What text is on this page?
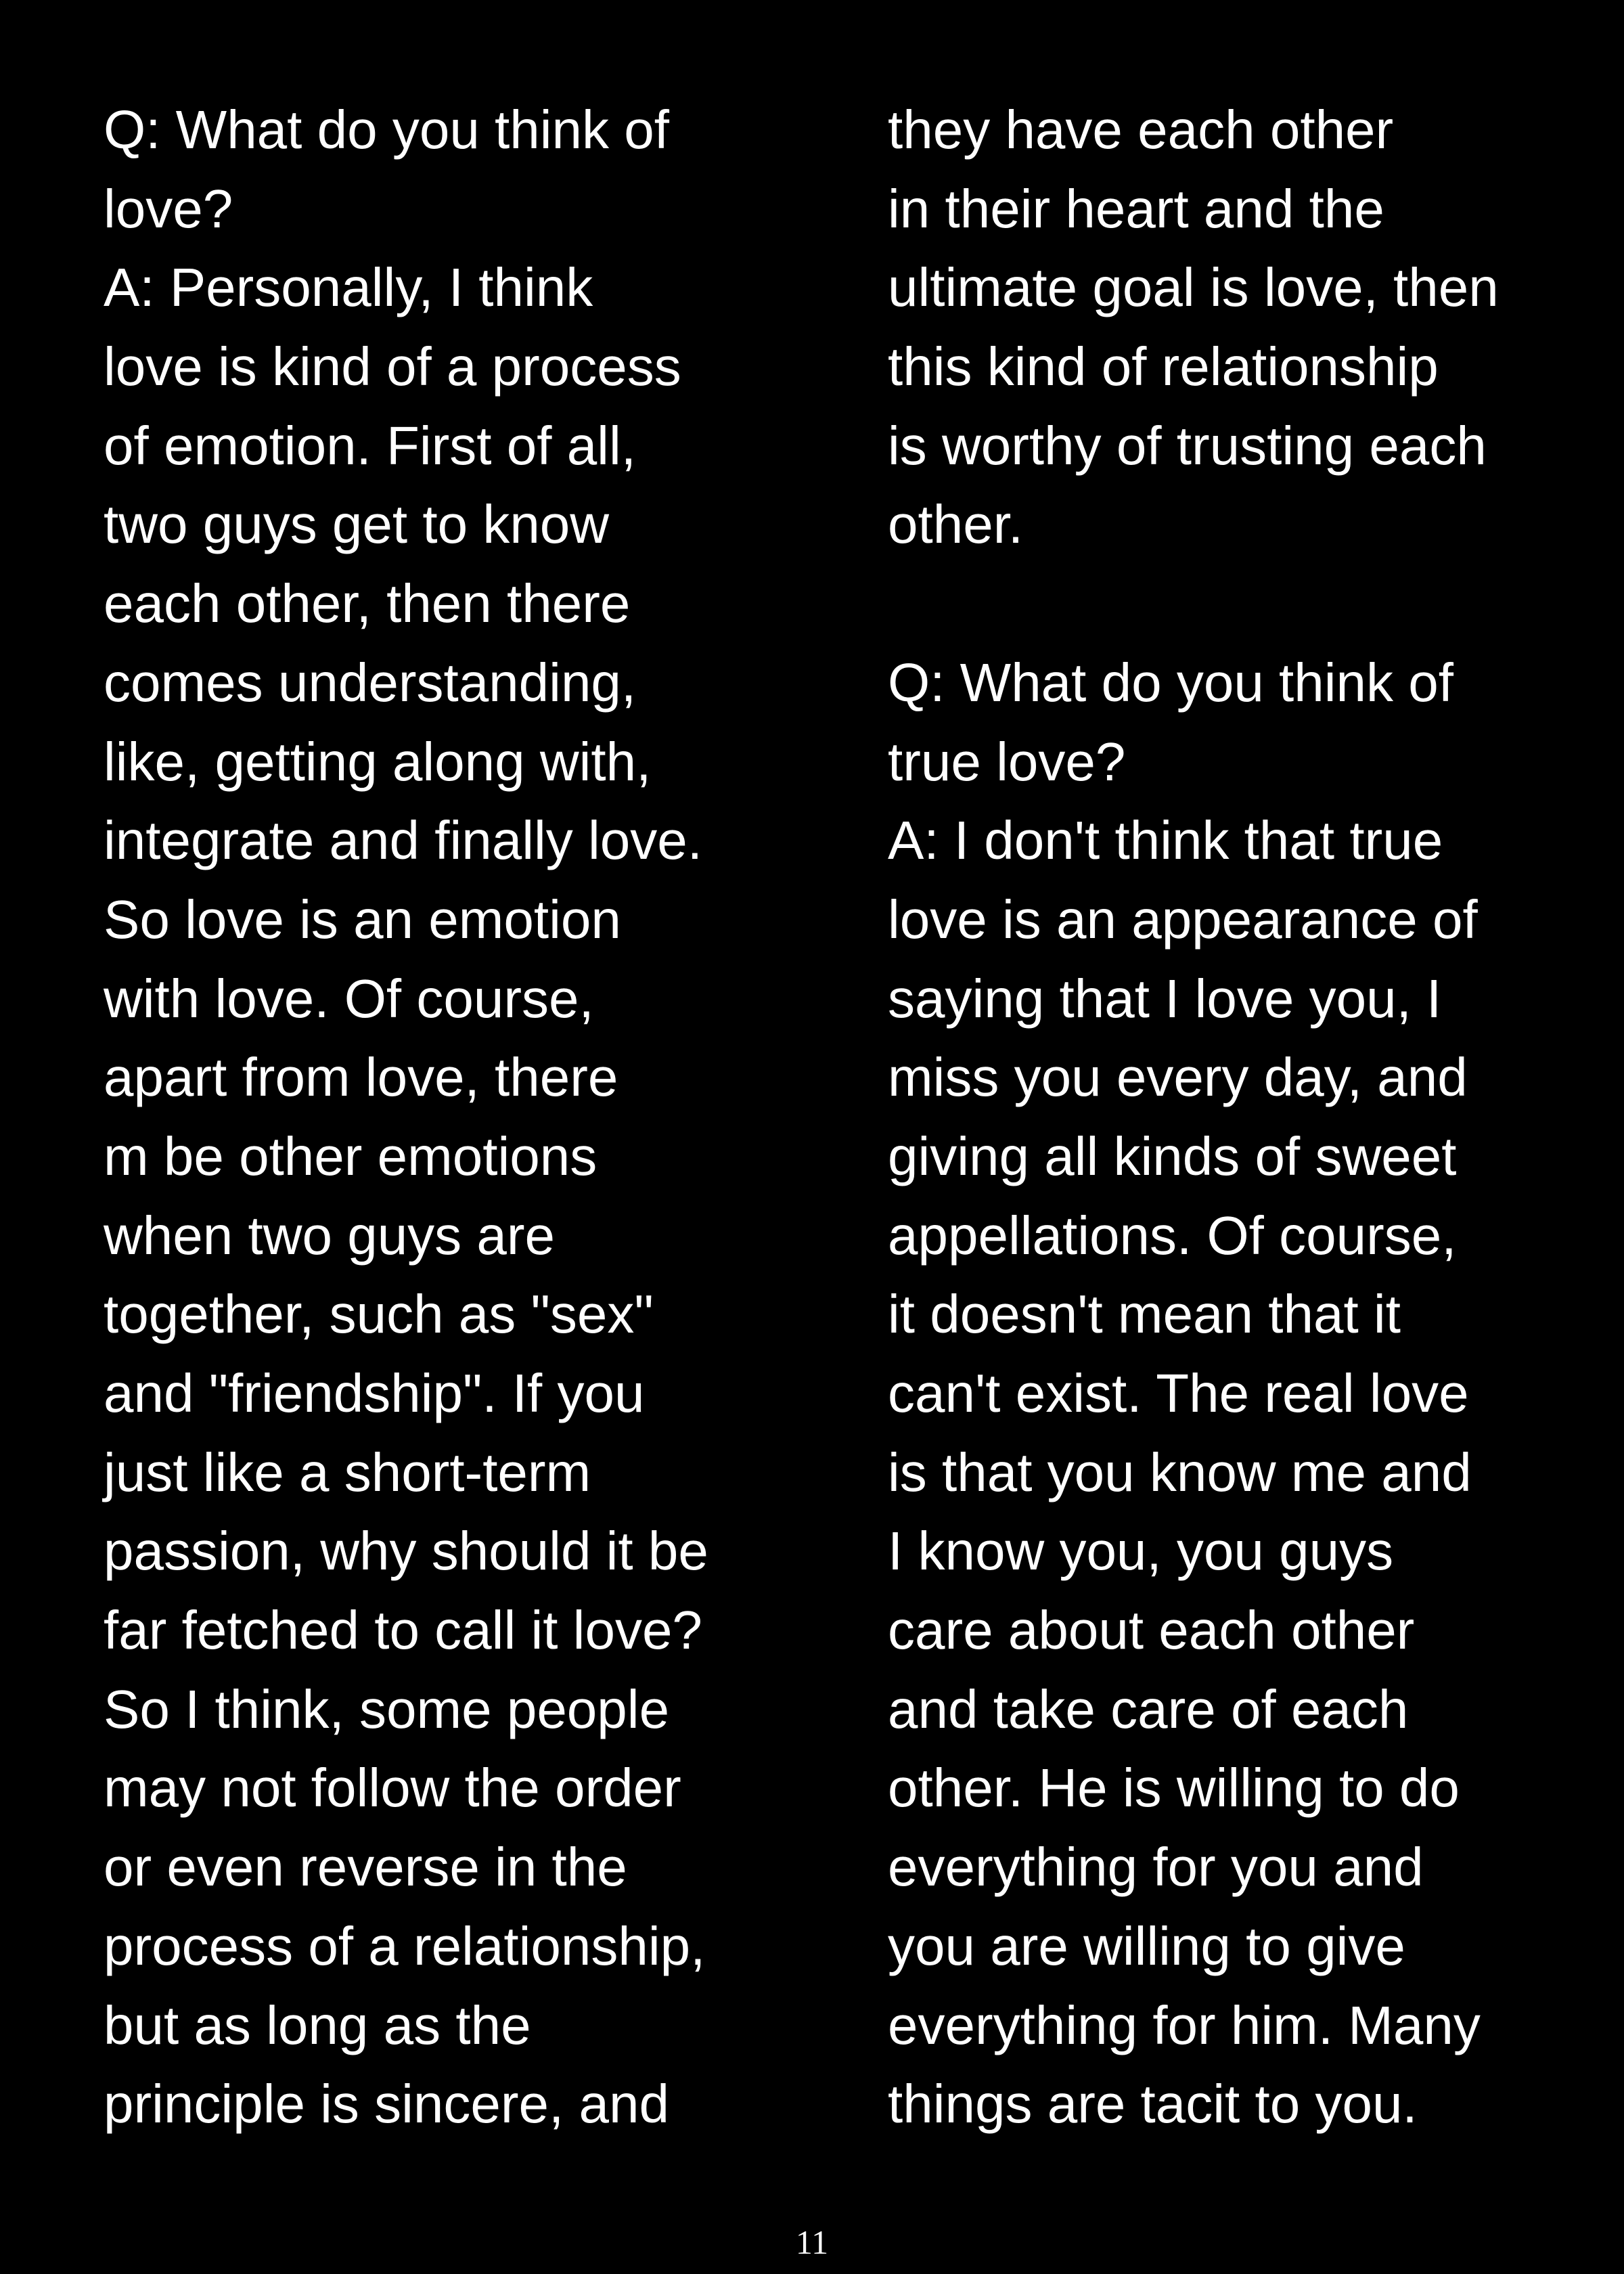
Q: What do you think of
love?
A: Personally, I think
love is kind of a process
of emotion. First of all,
two guys get to know
each other, then there
comes understanding,
like, getting along with,
integrate and finally love.
So love is an emotion
with love. Of course,
apart from love, there
m be other emotions
when two guys are
together, such as "sex"
and "friendship". If you
just like a short-term
passion, why should it be
far fetched to call it love?
So I think, some people
may not follow the order
or even reverse in the
process of a relationship,
but as long as the
principle is sincere, and
they have each other
in their heart and the
ultimate goal is love, then
this kind of relationship
is worthy of trusting each
other.
Q: What do you think of
true love?
A: I don't think that true
love is an appearance of
saying that I love you, I
miss you every day, and
giving all kinds of sweet
appellations. Of course,
it doesn't mean that it
can't exist. The real love
is that you know me and
I know you, you guys
care about each other
and take care of each
other. He is willing to do
everything for you and
you are willing to give
everything for him. Many
things are tacit to you.
11
